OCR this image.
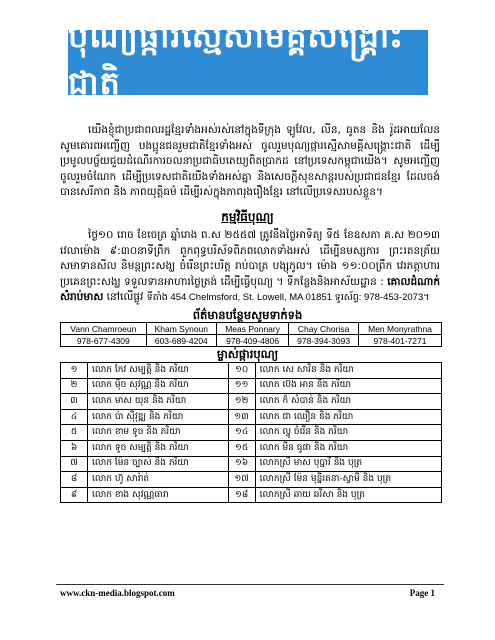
បុណ្យផ្ការស្មើសាមគ្គីសង្គ្រោះជាតិ
យើងខ្ញុំជាប្រជាពលរដ្ឋខ្មែរទាំងអស់រស់នៅក្នុងទីក្រុង ឡូវែល, លីន, ធូតន និង រ៉ូដអាយលែន សូមគោរពអញ្ជើញ បងប្អូនជនរួមជាតិខ្មែរទាំងអស់ ចូលរួមបុណ្យផ្ការស្មើសាមគ្គីសង្គ្រោះជាតិ ដើម្បីប្រមូលបច្ច័យជួយដំណើរការចលនាប្រជាធិបតេយ្យពិតប្រាកដ នៅប្រទេសកម្ពុជាយើង។ សូមអញ្ជើញចូលរួមចំណែក ដើម្បីប្រទេសជាតិយើងទាំងអស់គ្នា និងសេចក្តីសុខសាន្តរបស់ប្រជាជនខ្មែរ ដែលចង់បានសេរីភាព និង ភាពយុត្តិធម៌ ដើម្បីរស់ក្នុងភាពរុងរឿងខ្មែរ នៅលើប្រទេសរបស់ខ្លួន។
កម្មវិធីបុណ្យ
ថ្ងៃ១០ រោច ខែចេត្រ ឆ្នាំរោង ព.ស ២៥៥៧ ត្រូវនឹងថ្ងៃអាទិត្យ ទី៥ ខែឧសភា គ.ស ២០១៣ វេលាម៉ោង ៩:៣០នាទីព្រឹក ពួកពុទ្ធបរិស័ទពិភពលោកទាំងអស់ ដើម្បីនមស្សការ ព្រះរតនត្រ័យ សមាទានសីល និមន្តព្រះសង្ឃ ចំរើនព្រះបរិត្ត រាប់បាត្រ បង្សុកូល។ ម៉ោង ១១:០០ព្រឹក វេរភត្តាហារប្រគេនព្រះសង្ឃ ទទួលទានអាហារថ្ងៃត្រង់ ដើម្បីធ្វើបុណ្យ ។ ទីកន្លែងនិងអាស័យដ្ឋាន : គោលដំណាក់ សំរាប់មាស នៅលើផ្លូវ ទីតាំង 454 Chelmsford, St. Lowell, MA 01851 ទូរស័ព្ទ: 978-453-2073។
ព័ត៌មានបន្ថែមសូមទាក់ទង
Vann Chamroeun	Kham Synoun	Meas Ponnary	Chay Chorisa	Men Monyrathna
978-677-4309	603-689-4204	978-409-4806	978-394-3093	978-401-7271
ម្ចាស់ផ្ការបុណ្យ
១	លោក កែវ សម្បត្តិ និង ភរិយា	១០	លោក សេ សារិន និង ភរិយា
២	លោក ម៉ិច សុវណ្ណ និង ភរិយា	១១	លោក ប៊េង អាន និង ភរិយា
៣	លោក មាស យុន និង ភរិយា	១២	លោក ក៏ សំបាន់ និង ភរិយា
៤	លោក ប៉ា ស៊ីវុឌ្ឍ និង ភរិយា	១៣	លោក ជា ឈឿន និង ភរិយា
៥	លោក ខាម ទូច និង ភរិយា	១៤	លោក ល្ហូ ចំរើន និង ភរិយា
៦	លោក ទូច សម្បត្តិ និង ភរិយា	១៥	លោក មីន ធូផា និង ភរិយា
៧	លោក ម៉ែន ច្បាស់ និង ភរិយា	១៦	លោកស្រី មាស បុប្ផារី និង បុត្រ
៨	លោក ហ៊ូ សារ៉ាត់	១៧	លោកស្រី ម៉ែន មុន្នីរតនា-ស្វាមី និង បុត្រ
៩	លោក ខាង សុវណ្ណធារា	១៨	លោកស្រី ឆាយ ឆរីសា និង បុត្រ
www.ckn-media.blogspot.com	Page 1
